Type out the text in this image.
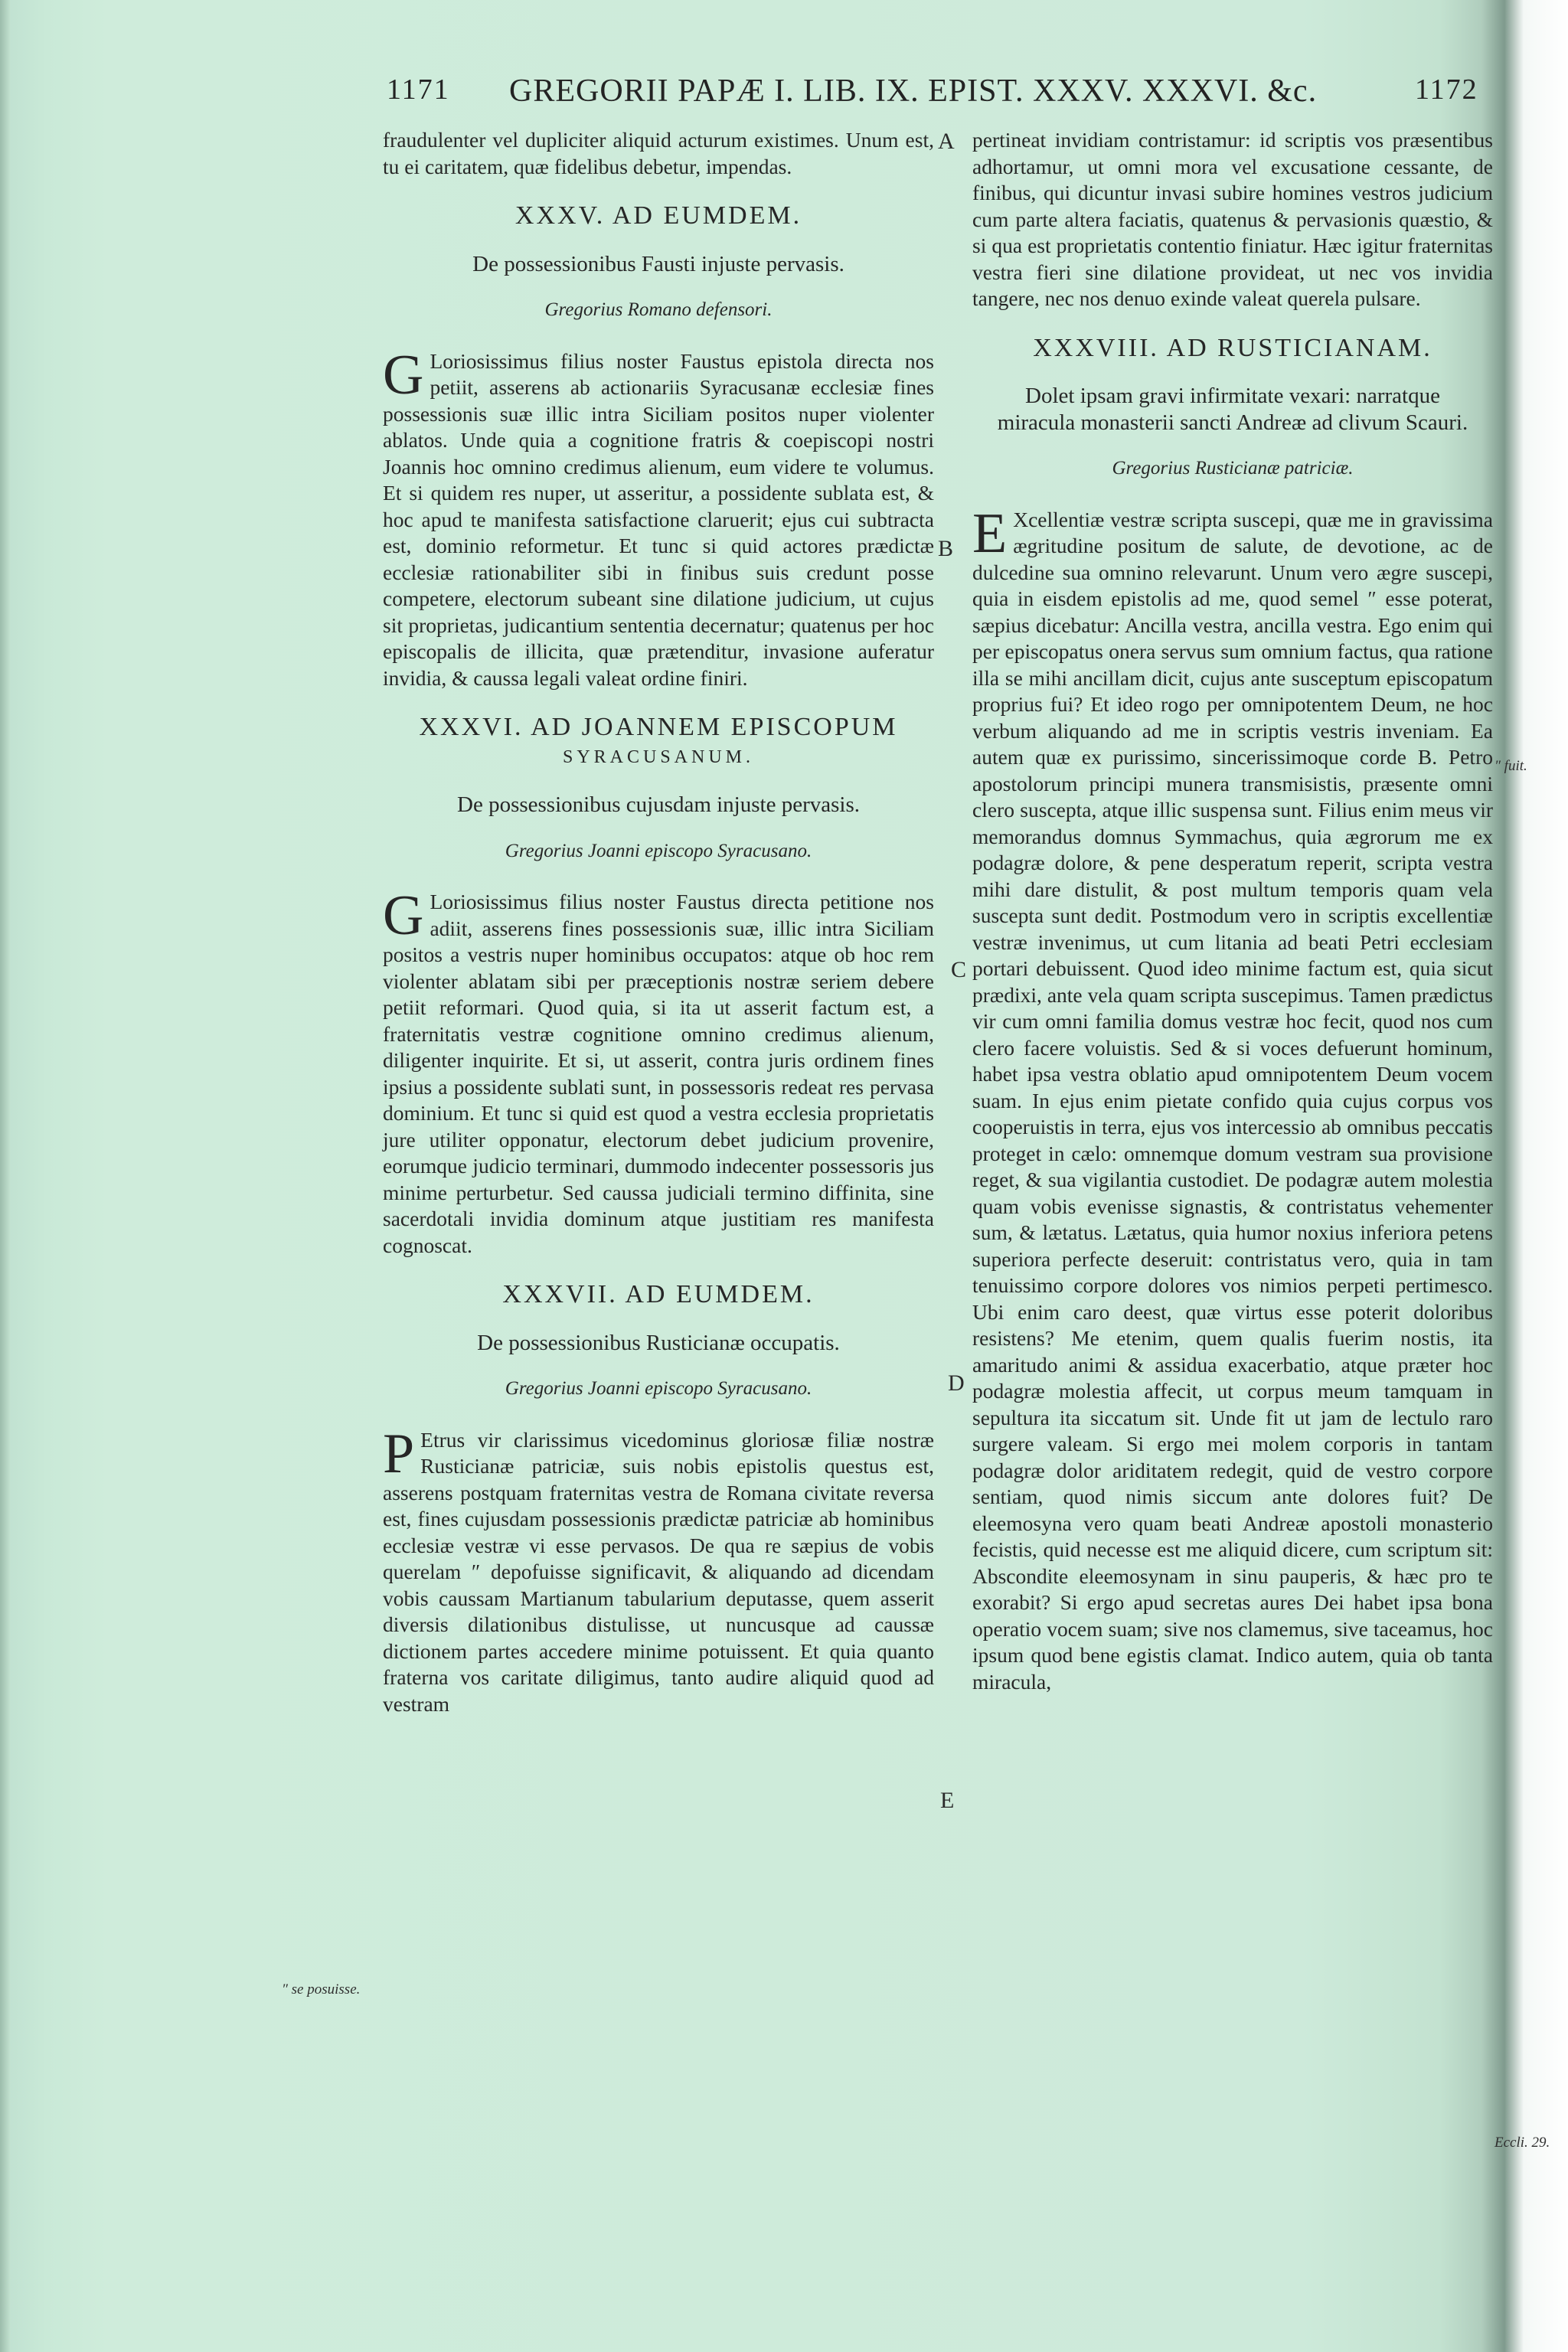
1171 GREGORII PAPÆ I. LIB. IX. EPIST. XXXV. XXXVI. &c.	1172

fraudulenter vel dupliciter aliquid acturum existimes. Unum est, tu ei caritatem, quæ fidelibus debetur, impendas.

XXXV. AD EUMDEM.
De possessionibus Fausti injuste pervasis.
Gregorius Romano defensori.

G Loriosissimus filius noster Faustus epistola directa nos petiit, asserens ab actionariis Syracusanæ ecclesiæ fines possessionis suæ illic intra Siciliam positos nuper violenter ablatos. Unde quia a cognitione fratris & coepiscopi nostri Joannis hoc omnino credimus alienum, eum videre te volumus. Et si quidem res nuper, ut asseritur, a possidente sublata est, & hoc apud te manifesta satisfactione claruerit; ejus cui subtracta est, dominio reformetur. Et tunc si quid actores prædictæ ecclesiæ rationabiliter sibi in finibus suis credunt posse competere, electorum subeant sine dilatione judicium, ut cujus sit proprietas, judicantium sententia decernatur; quatenus per hoc episcopalis de illicita, quæ prætenditur, invasione auferatur invidia, & caussa legali valeat ordine finiri.

XXXVI. AD JOANNEM EPISCOPUM
SYRACUSANUM.
De possessionibus cujusdam injuste pervasis.
Gregorius Joanni episcopo Syracusano.

G Loriosissimus filius noster Faustus directa petitione nos adiit, asserens fines possessionis suæ, illic intra Siciliam positos a vestris nuper hominibus occupatos: atque ob hoc rem violenter ablatam sibi per præceptionis nostræ seriem debere petiit reformari. Quod quia, si ita ut asserit factum est, a fraternitatis vestræ cognitione omnino credimus alienum, diligenter inquirite. Et si, ut asserit, contra juris ordinem fines ipsius a possidente sublati sunt, in possessoris redeat res pervasa dominium. Et tunc si quid est quod a vestra ecclesia proprietatis jure utiliter opponatur, electorum debet judicium provenire, eorumque judicio terminari, dummodo indecenter possessoris jus minime perturbetur. Sed caussa judiciali termino diffinita, sine sacerdotali invidia dominum atque justitiam res manifesta cognoscat.

XXXVII. AD EUMDEM.
De possessionibus Rusticianæ occupatis.
Gregorius Joanni episcopo Syracusano.

P Etrus vir clarissimus vicedominus gloriosæ filiæ nostræ Rusticianæ patriciæ, suis nobis epistolis questus est, asserens postquam fraternitas vestra de Romana civitate reversa est, fines cujusdam possessionis prædictæ patriciæ ab hominibus ecclesiæ vestræ vi esse pervasos. De qua re sæpius de vobis querelam ″ depofuisse significavit, & aliquando ad dicendam vobis caussam Martianum tabularium deputasse, quem asserit diversis dilationibus distulisse, ut nuncusque ad caussæ dictionem partes accedere minime potuissent. Et quia quanto fraterna vos caritate diligimus, tanto audire aliquid quod ad vestram

pertineat invidiam contristamur: id scriptis vos præsentibus adhortamur, ut omni mora vel excusatione cessante, de finibus, qui dicuntur invasi subire homines vestros judicium cum parte altera faciatis, quatenus & pervasionis quæstio, & si qua est proprietatis contentio finiatur. Hæc igitur fraternitas vestra fieri sine dilatione provideat, ut nec vos invidia tangere, nec nos denuo exinde valeat querela pulsare.

XXXVIII. AD RUSTICIANAM.
Dolet ipsam gravi infirmitate vexari: narratque miracula monasterii sancti Andreæ ad clivum Scauri.
Gregorius Rusticianæ patriciæ.

E Xcellentiæ vestræ scripta suscepi, quæ me in gravissima ægritudine positum de salute, de devotione, ac de dulcedine sua omnino relevarunt. Unum vero ægre suscepi, quia in eisdem epistolis ad me, quod semel ″ esse poterat, sæpius dicebatur: Ancilla vestra, ancilla vestra. Ego enim qui per episcopatus onera servus sum omnium factus, qua ratione illa se mihi ancillam dicit, cujus ante susceptum episcopatum proprius fui? Et ideo rogo per omnipotentem Deum, ne hoc verbum aliquando ad me in scriptis vestris inveniam. Ea autem quæ ex purissimo, sincerissimoque corde B. Petro apostolorum principi munera transmisistis, præsente omni clero suscepta, atque illic suspensa sunt. Filius enim meus vir memorandus domnus Symmachus, quia ægrorum me ex podagræ dolore, & pene desperatum reperit, scripta vestra mihi dare distulit, & post multum temporis quam vela suscepta sunt dedit. Postmodum vero in scriptis excellentiæ vestræ invenimus, ut cum litania ad beati Petri ecclesiam portari debuissent. Quod ideo minime factum est, quia sicut prædixi, ante vela quam scripta suscepimus. Tamen prædictus vir cum omni familia domus vestræ hoc fecit, quod nos cum clero facere voluistis. Sed & si voces defuerunt hominum, habet ipsa vestra oblatio apud omnipotentem Deum vocem suam. In ejus enim pietate confido quia cujus corpus vos cooperuistis in terra, ejus vos intercessio ab omnibus peccatis proteget in cælo: omnemque domum vestram sua provisione reget, & sua vigilantia custodiet. De podagræ autem molestia quam vobis evenisse signastis, & contristatus vehementer sum, & lætatus. Lætatus, quia humor noxius inferiora petens superiora perfecte deseruit: contristatus vero, quia in tam tenuissimo corpore dolores vos nimios perpeti pertimesco. Ubi enim caro deest, quæ virtus esse poterit doloribus resistens? Me etenim, quem qualis fuerim nostis, ita amaritudo animi & assidua exacerbatio, atque præter hoc podagræ molestia affecit, ut corpus meum tamquam in sepultura ita siccatum sit. Unde fit ut jam de lectulo raro surgere valeam. Si ergo mei molem corporis in tantam podagræ dolor ariditatem redegit, quid de vestro corpore sentiam, quod nimis siccum ante dolores fuit? De eleemosyna vero quam beati Andreæ apostoli monasterio fecistis, quid necesse est me aliquid dicere, cum scriptum sit: Abscondite eleemosynam in sinu pauperis, & hæc pro te exorabit? Si ergo apud secretas aures Dei habet ipsa bona operatio vocem suam; sive nos clamemus, sive taceamus, hoc ipsum quod bene egistis clamat. Indico autem, quia ob tanta miracula,

A
B
C
D
E
″ se posuisse.
″ fuit.
Eccli. 29.
